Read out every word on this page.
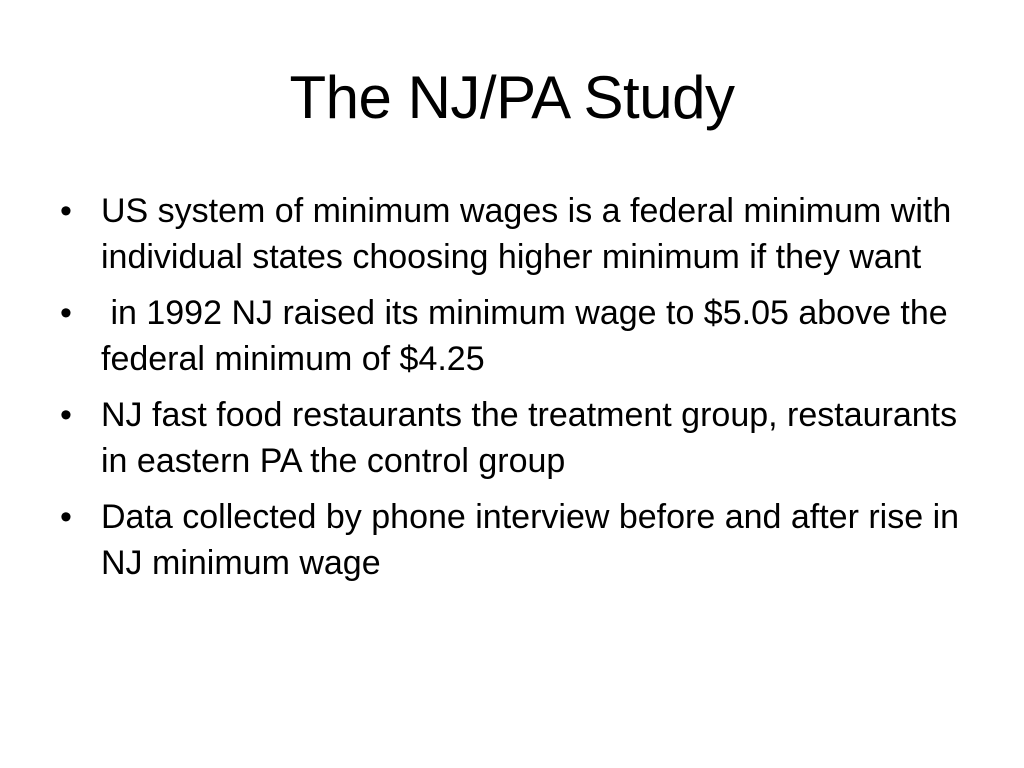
The NJ/PA Study
• US system of minimum wages is a federal minimum with individual states choosing higher minimum if they want
• in 1992 NJ raised its minimum wage to $5.05 above the federal minimum of $4.25
• NJ fast food restaurants the treatment group, restaurants in eastern PA the control group
• Data collected by phone interview before and after rise in NJ minimum wage
